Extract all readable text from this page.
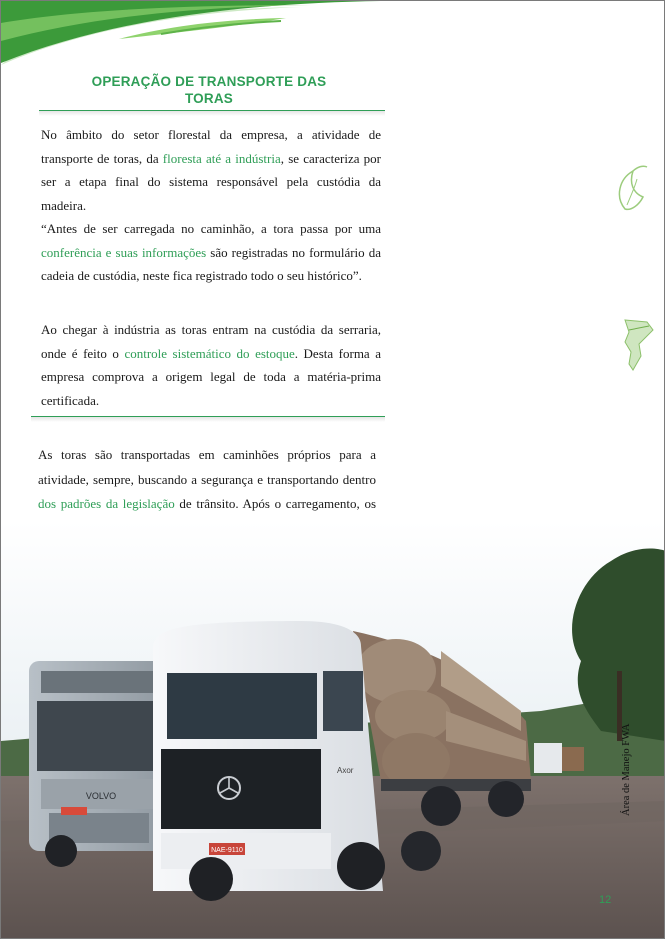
OPERAÇÃO DE TRANSPORTE DAS
TORAS

No âmbito do setor florestal da empresa, a atividade de transporte de toras, da floresta até a indústria, se caracteriza por ser a etapa final do sistema responsável pela custódia da madeira.

“Antes de ser carregada no caminhão, a tora passa por uma conferência e suas informações são registradas no formulário da cadeia de custódia, neste fica registrado todo o seu histórico”.

Ao chegar à indústria as toras entram na custódia da serraria, onde é feito o controle sistemático do estoque. Desta forma a empresa comprova a origem legal de toda a matéria-prima certificada.

As toras são transportadas em caminhões próprios para a atividade, sempre, buscando a segurança e transportando dentro dos padrões da legislação de trânsito. Após o carregamento, os

VOLVO
Axor
NAE-9110
Área de Manejo FWA
12
